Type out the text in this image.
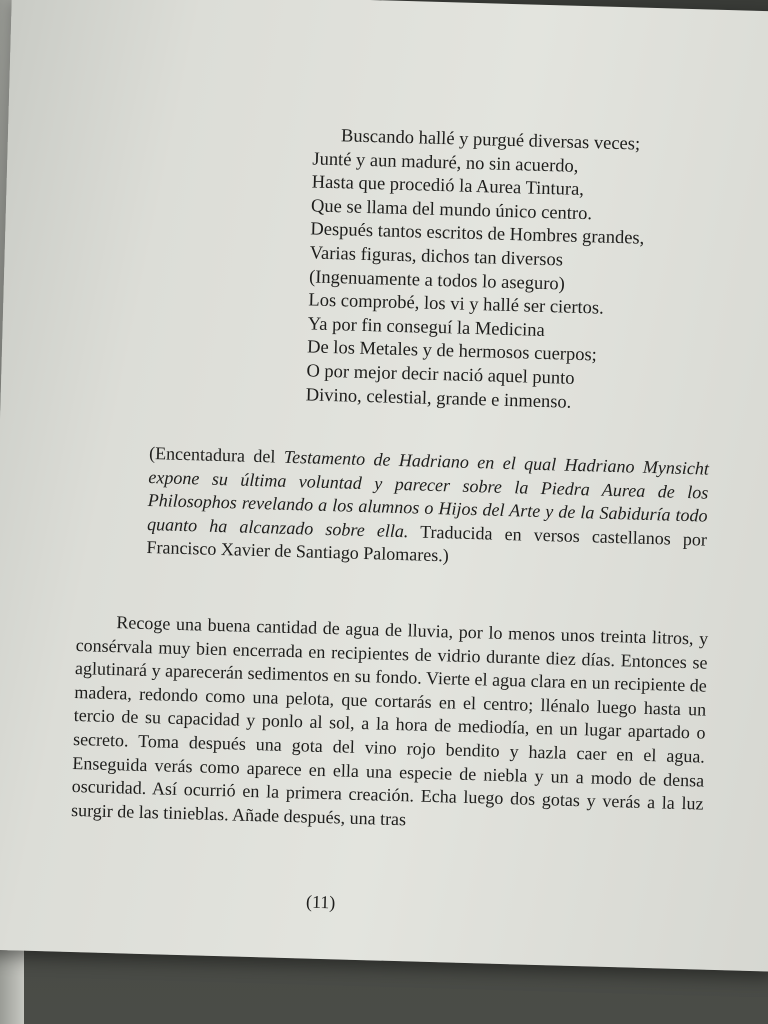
Buscando hallé y purgué diversas veces;
Junté y aun maduré, no sin acuerdo,
Hasta que procedió la Aurea Tintura,
Que se llama del mundo único centro.
Después tantos escritos de Hombres grandes,
Varias figuras, dichos tan diversos
(Ingenuamente a todos lo aseguro)
Los comprobé, los vi y hallé ser ciertos.
Ya por fin conseguí la Medicina
De los Metales y de hermosos cuerpos;
O por mejor decir nació aquel punto
Divino, celestial, grande e inmenso.
(Encentadura del Testamento de Hadriano en el qual Hadriano Mynsicht expone su última voluntad y parecer sobre la Piedra Aurea de los Philosophos revelando a los alumnos o Hijos del Arte y de la Sabiduría todo quanto ha alcanzado sobre ella. Traducida en versos castellanos por Francisco Xavier de Santiago Palomares.)
Recoge una buena cantidad de agua de lluvia, por lo menos unos treinta litros, y consérvala muy bien encerrada en recipientes de vidrio durante diez días. Entonces se aglutinará y aparecerán sedimentos en su fondo. Vierte el agua clara en un recipiente de madera, redondo como una pelota, que cortarás en el centro; llénalo luego hasta un tercio de su capacidad y ponlo al sol, a la hora de mediodía, en un lugar apartado o secreto. Toma después una gota del vino rojo bendito y hazla caer en el agua. Enseguida verás como aparece en ella una especie de niebla y un a modo de densa oscuridad. Así ocurrió en la primera creación. Echa luego dos gotas y verás a la luz surgir de las tinieblas. Añade después, una tras
(11)
